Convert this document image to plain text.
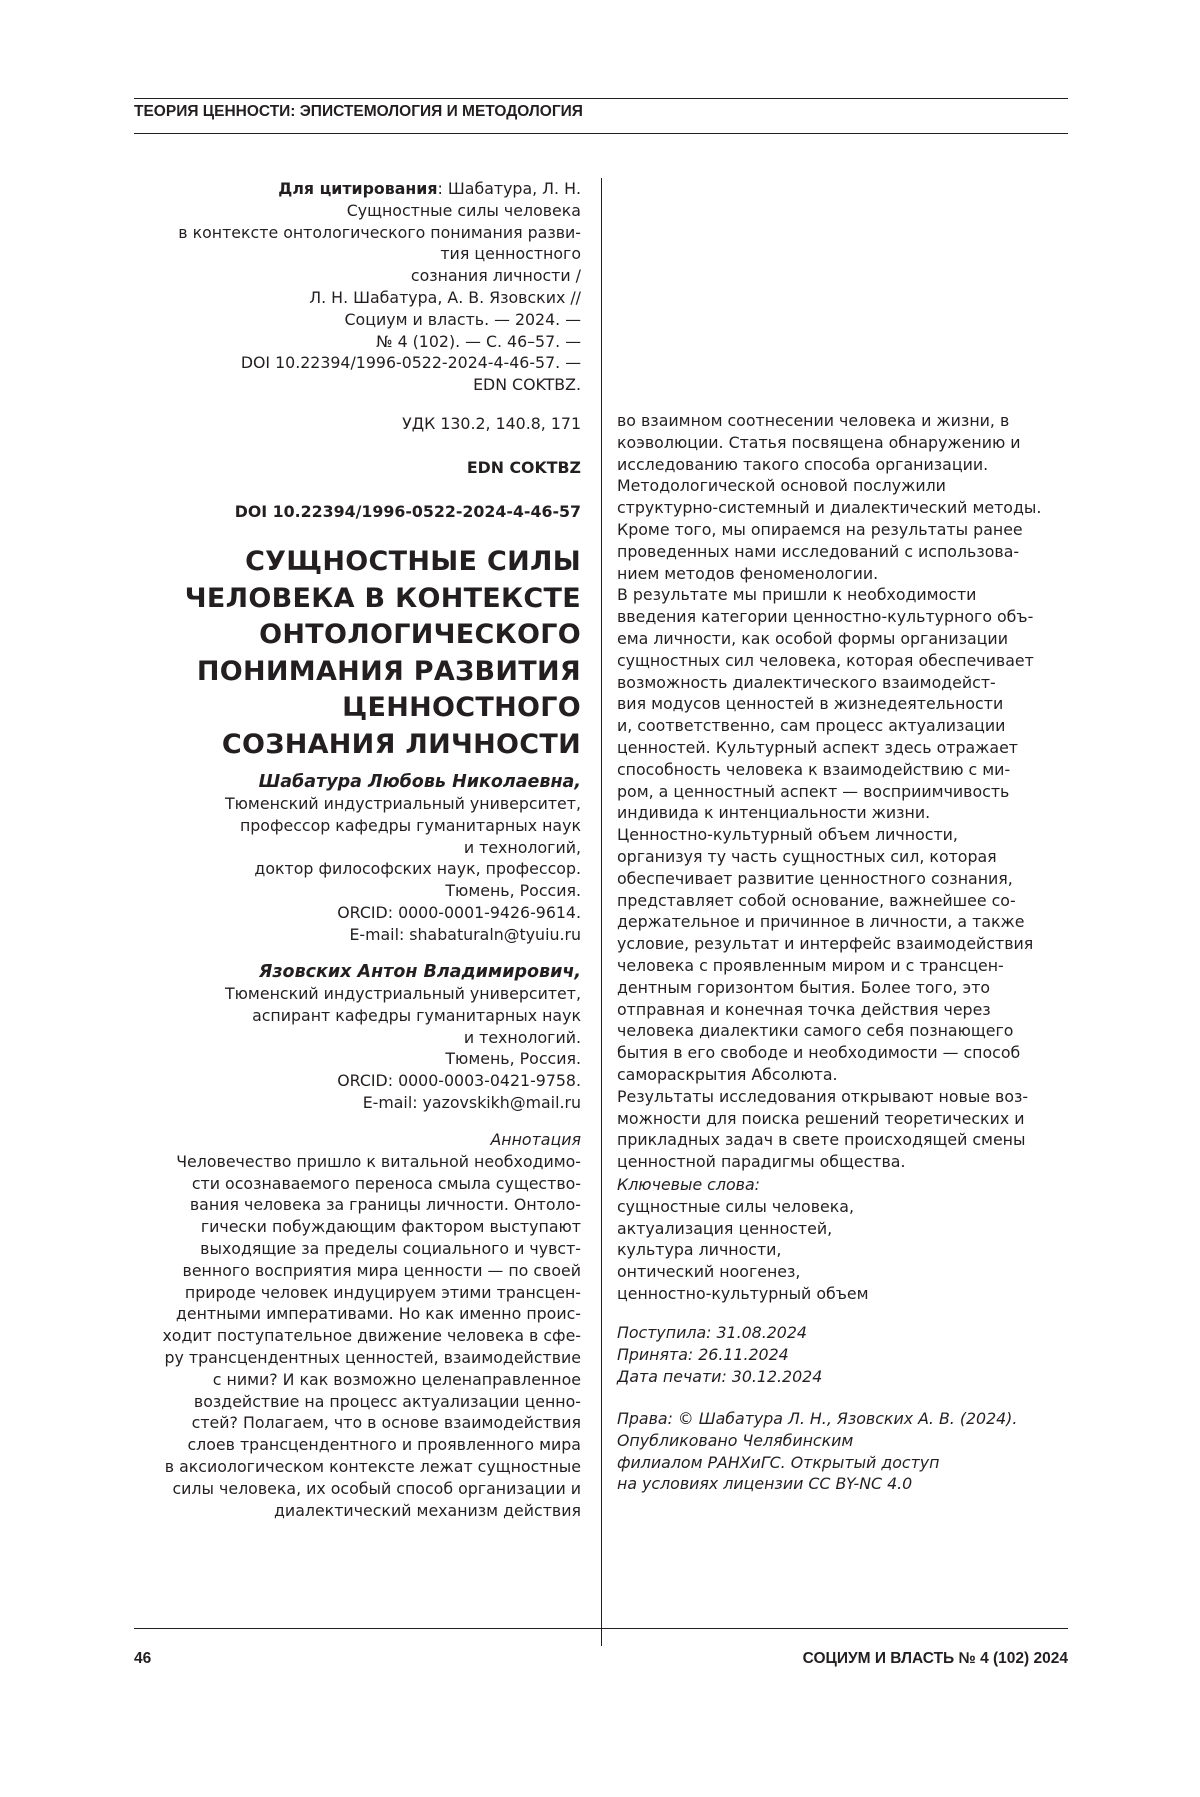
ТЕОРИЯ ЦЕННОСТИ: ЭПИСТЕМОЛОГИЯ И МЕТОДОЛОГИЯ
Для цитирования: Шабатура, Л. Н.
Сущностные силы человека
в контексте онтологического понимания разви-
тия ценностного
сознания личности /
Л. Н. Шабатура, А. В. Язовских //
Социум и власть. — 2024. —
№ 4 (102). — С. 46–57. —
DOI 10.22394/1996-0522-2024-4-46-57. —
EDN COKTBZ.
УДК 130.2, 140.8, 171
EDN COKTBZ
DOI 10.22394/1996-0522-2024-4-46-57
СУЩНОСТНЫЕ СИЛЫ
ЧЕЛОВЕКА В КОНТЕКСТЕ
ОНТОЛОГИЧЕСКОГО
ПОНИМАНИЯ РАЗВИТИЯ
ЦЕННОСТНОГО
СОЗНАНИЯ ЛИЧНОСТИ
Шабатура Любовь Николаевна,
Тюменский индустриальный университет,
профессор кафедры гуманитарных наук
и технологий,
доктор философских наук, профессор.
Тюмень, Россия.
ORCID: 0000-0001-9426-9614.
E-mail: shabaturaln@tyuiu.ru
Язовских Антон Владимирович,
Тюменский индустриальный университет,
аспирант кафедры гуманитарных наук
и технологий.
Тюмень, Россия.
ORCID: 0000-0003-0421-9758.
E-mail: yazovskikh@mail.ru
Аннотация
Человечество пришло к витальной необходимо-
сти осознаваемого переноса смыла существо-
вания человека за границы личности. Онтоло-
гически побуждающим фактором выступают
выходящие за пределы социального и чувст-
венного восприятия мира ценности — по своей
природе человек индуцируем этими трансцен-
дентными императивами. Но как именно проис-
ходит поступательное движение человека в сфе-
ру трансцендентных ценностей, взаимодействие
с ними? И как возможно целенаправленное
воздействие на процесс актуализации ценно-
стей? Полагаем, что в основе взаимодействия
слоев трансцендентного и проявленного мира
в аксиологическом контексте лежат сущностные
силы человека, их особый способ организации и
диалектический механизм действия
во взаимном соотнесении человека и жизни, в
коэволюции. Статья посвящена обнаружению и
исследованию такого способа организации.
Методологической основой послужили
структурно-системный и диалектический методы.
Кроме того, мы опираемся на результаты ранее
проведенных нами исследований с использова-
нием методов феноменологии.
В результате мы пришли к необходимости
введения категории ценностно-культурного объ-
ема личности, как особой формы организации
сущностных сил человека, которая обеспечивает
возможность диалектического взаимодейст-
вия модусов ценностей в жизнедеятельности
и, соответственно, сам процесс актуализации
ценностей. Культурный аспект здесь отражает
способность человека к взаимодействию с ми-
ром, а ценностный аспект — восприимчивость
индивида к интенциальности жизни.
Ценностно-культурный объем личности,
организуя ту часть сущностных сил, которая
обеспечивает развитие ценностного сознания,
представляет собой основание, важнейшее со-
держательное и причинное в личности, а также
условие, результат и интерфейс взаимодействия
человека с проявленным миром и с трансцен-
дентным горизонтом бытия. Более того, это
отправная и конечная точка действия через
человека диалектики самого себя познающего
бытия в его свободе и необходимости — способ
самораскрытия Абсолюта.
Результаты исследования открывают новые воз-
можности для поиска решений теоретических и
прикладных задач в свете происходящей смены
ценностной парадигмы общества.
Ключевые слова:
сущностные силы человека,
актуализация ценностей,
культура личности,
онтический ноогенез,
ценностно-культурный объем
Поступила: 31.08.2024
Принята: 26.11.2024
Дата печати: 30.12.2024
Права: © Шабатура Л. Н., Язовских А. В. (2024).
Опубликовано Челябинским
филиалом РАНХиГС. Открытый доступ
на условиях лицензии CC BY-NC 4.0
46	СОЦИУМ И ВЛАСТЬ № 4 (102) 2024
